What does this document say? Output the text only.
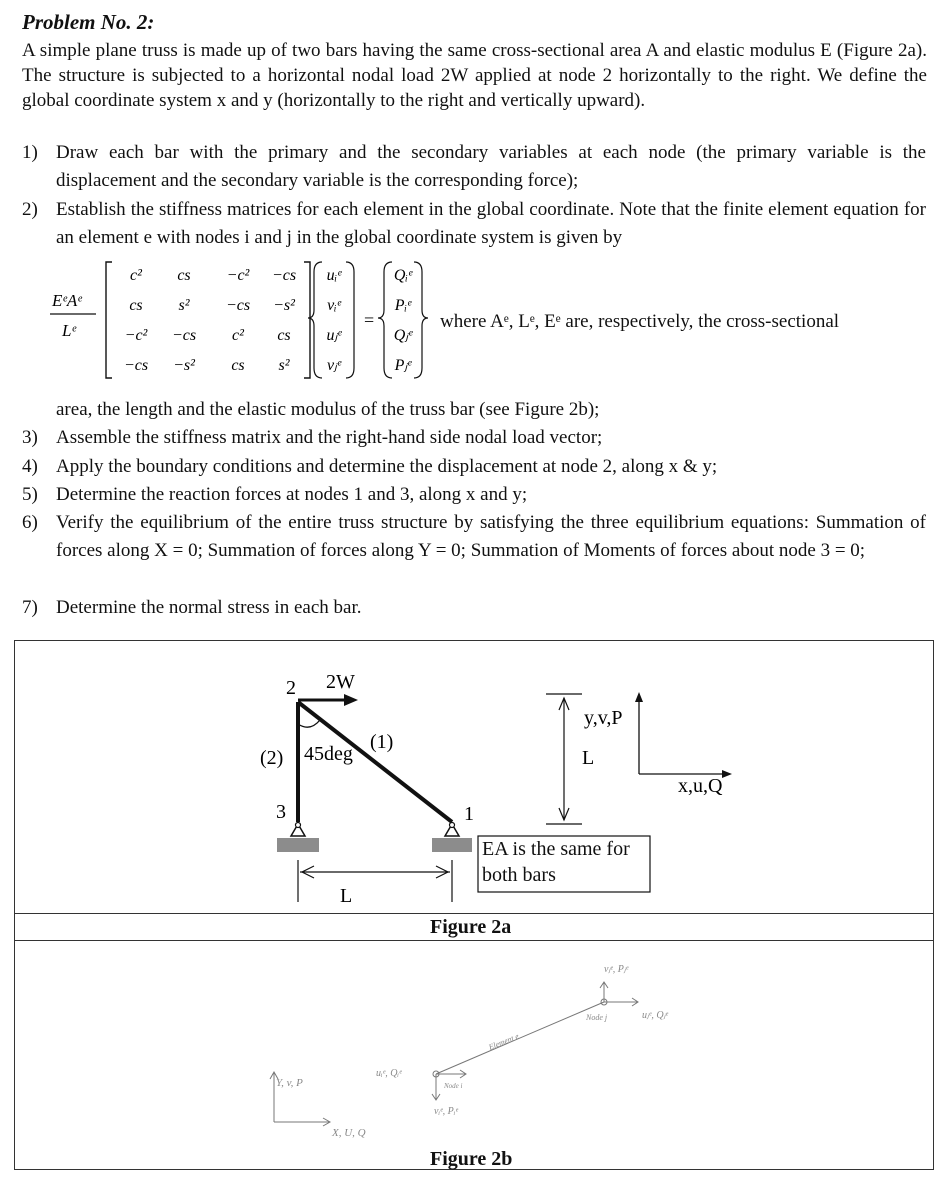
Problem No. 2:
A simple plane truss is made up of two bars having the same cross-sectional area A and elastic modulus E (Figure 2a). The structure is subjected to a horizontal nodal load 2W applied at node 2 horizontally to the right. We define the global coordinate system x and y (horizontally to the right and vertically upward).
1) Draw each bar with the primary and the secondary variables at each node (the primary variable is the displacement and the secondary variable is the corresponding force);
2) Establish the stiffness matrices for each element in the global coordinate. Note that the finite element equation for an element e with nodes i and j in the global coordinate system is given by
EᵉAᵉ
Lᵉ
c² cs −c² −cs
cs s² −cs −s²
−c² −cs c² cs
−cs −s² cs s²
uᵢᵉ
vᵢᵉ
uⱼᵉ
vⱼᵉ
=
Qᵢᵉ
Pᵢᵉ
Qⱼᵉ
Pⱼᵉ
where Aᵉ, Lᵉ, Eᵉ are, respectively, the cross-sectional
area, the length and the elastic modulus of the truss bar (see Figure 2b);
3) Assemble the stiffness matrix and the right-hand side nodal load vector;
4) Apply the boundary conditions and determine the displacement at node 2, along x & y;
5) Determine the reaction forces at nodes 1 and 3, along x and y;
6) Verify the equilibrium of the entire truss structure by satisfying the three equilibrium equations: Summation of forces along X = 0; Summation of forces along Y = 0; Summation of Moments of forces about node 3 = 0;
7) Determine the normal stress in each bar.
2 2W
(1)
(2) 45deg
3	1
L
L
y,v,P
x,u,Q
EA is the same for both bars
Figure 2a
Y, v, P
X, U, Q
Node i
Node j
Element e
uᵢᵉ, Qᵢᵉ
vᵢᵉ, Pᵢᵉ
uⱼᵉ, Qⱼᵉ
vⱼᵉ, Pⱼᵉ
Figure 2b
